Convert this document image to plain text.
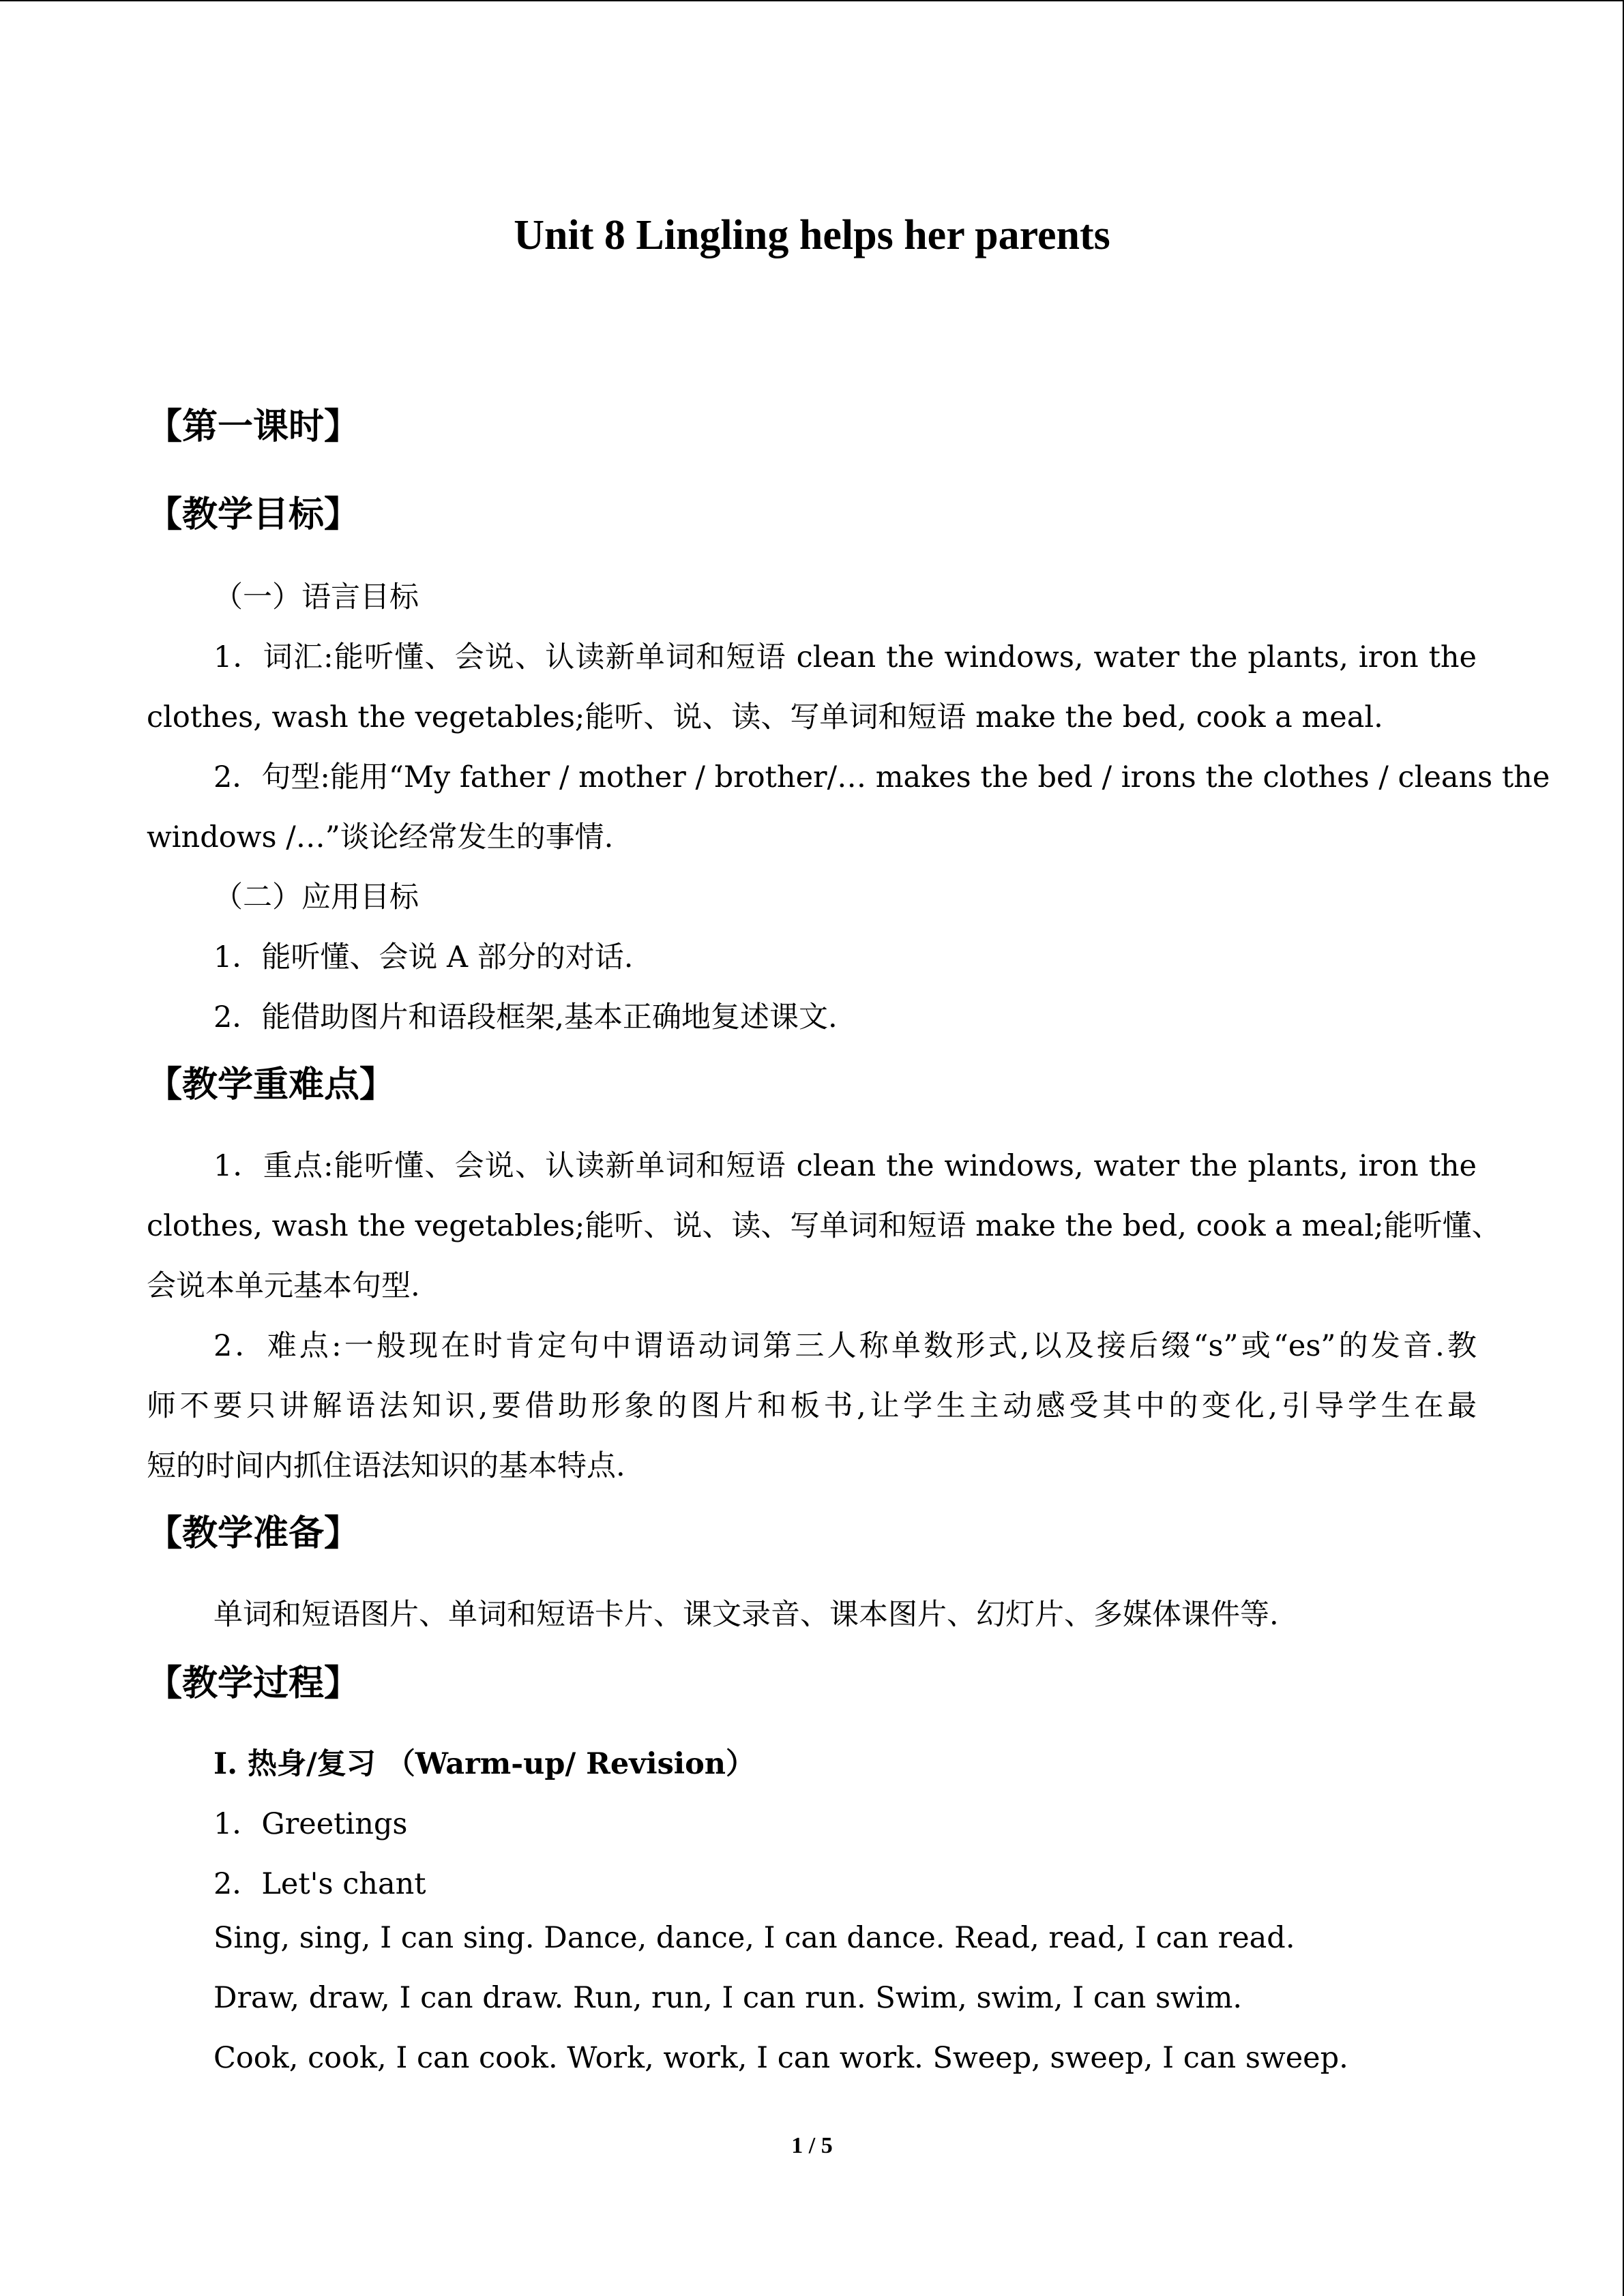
Unit 8 Lingling helps her parents
【第一课时】
【教学目标】
（一）语言目标
1．词汇:能听懂、会说、认读新单词和短语 clean the windows, water the plants, iron the
clothes, wash the vegetables;能听、说、读、写单词和短语 make the bed, cook a meal.
2．句型:能用“My father / mother / brother/… makes the bed / irons the clothes / cleans the
windows /…”谈论经常发生的事情.
（二）应用目标
1．能听懂、会说 A 部分的对话.
2．能借助图片和语段框架,基本正确地复述课文.
【教学重难点】
1．重点:能听懂、会说、认读新单词和短语 clean the windows, water the plants, iron the
clothes, wash the vegetables;能听、说、读、写单词和短语 make the bed, cook a meal;能听懂、
会说本单元基本句型.
2．难点:一般现在时肯定句中谓语动词第三人称单数形式,以及接后缀“s”或“es”的发音.教
师不要只讲解语法知识,要借助形象的图片和板书,让学生主动感受其中的变化,引导学生在最
短的时间内抓住语法知识的基本特点.
【教学准备】
单词和短语图片、单词和短语卡片、课文录音、课本图片、幻灯片、多媒体课件等.
【教学过程】
I. 热身/复习 （Warm-up/ Revision）
1．Greetings
2．Let's chant
Sing, sing, I can sing. Dance, dance, I can dance. Read, read, I can read.
Draw, draw, I can draw. Run, run, I can run. Swim, swim, I can swim.
Cook, cook, I can cook. Work, work, I can work. Sweep, sweep, I can sweep.
1 / 5
